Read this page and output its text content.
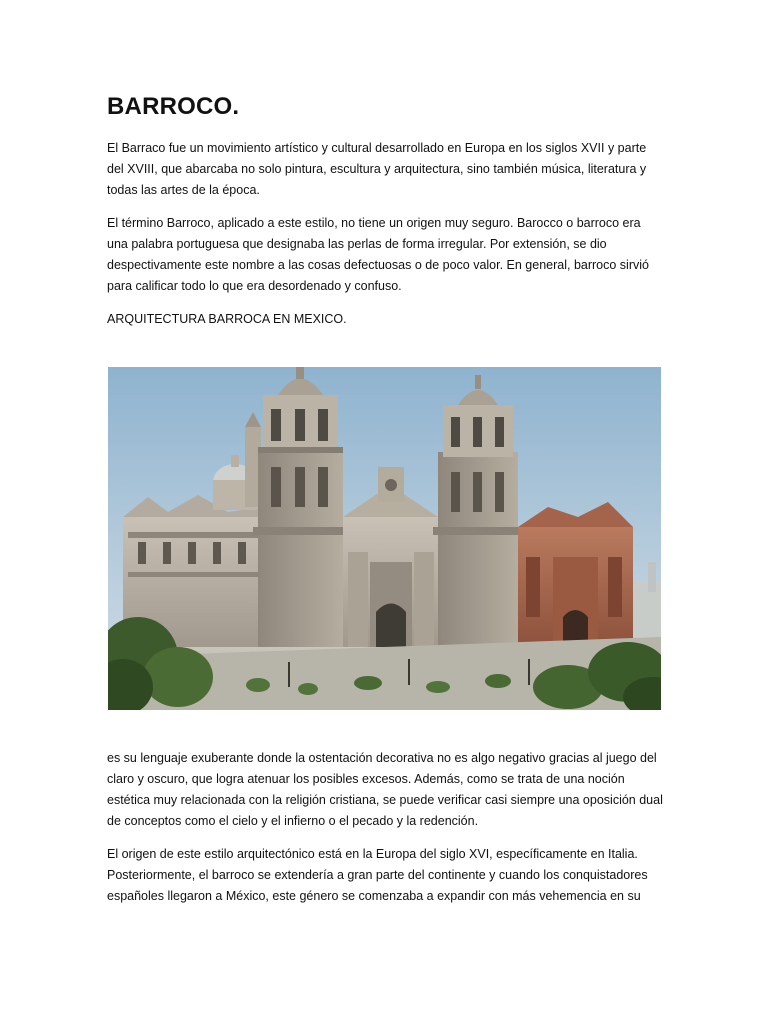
BARROCO.

El Barraco fue un movimiento artístico y cultural desarrollado en Europa en los siglos XVII y parte del XVIII, que abarcaba no solo pintura, escultura y arquitectura, sino también música, literatura y todas las artes de la época.

El término Barroco, aplicado a este estilo, no tiene un origen muy seguro. Barocco o barroco era una palabra portuguesa que designaba las perlas de forma irregular. Por extensión, se dio despectivamente este nombre a las cosas defectuosas o de poco valor. En general, barroco sirvió para calificar todo lo que era desordenado y confuso.

ARQUITECTURA BARROCA EN MEXICO.

es su lenguaje exuberante donde la ostentación decorativa no es algo negativo gracias al juego del claro y oscuro, que logra atenuar los posibles excesos. Además, como se trata de una noción estética muy relacionada con la religión cristiana, se puede verificar casi siempre una oposición dual de conceptos como el cielo y el infierno o el pecado y la redención.

El origen de este estilo arquitectónico está en la Europa del siglo XVI, específicamente en Italia. Posteriormente, el barroco se extendería a gran parte del continente y cuando los conquistadores españoles llegaron a México, este género se comenzaba a expandir con más vehemencia en su
